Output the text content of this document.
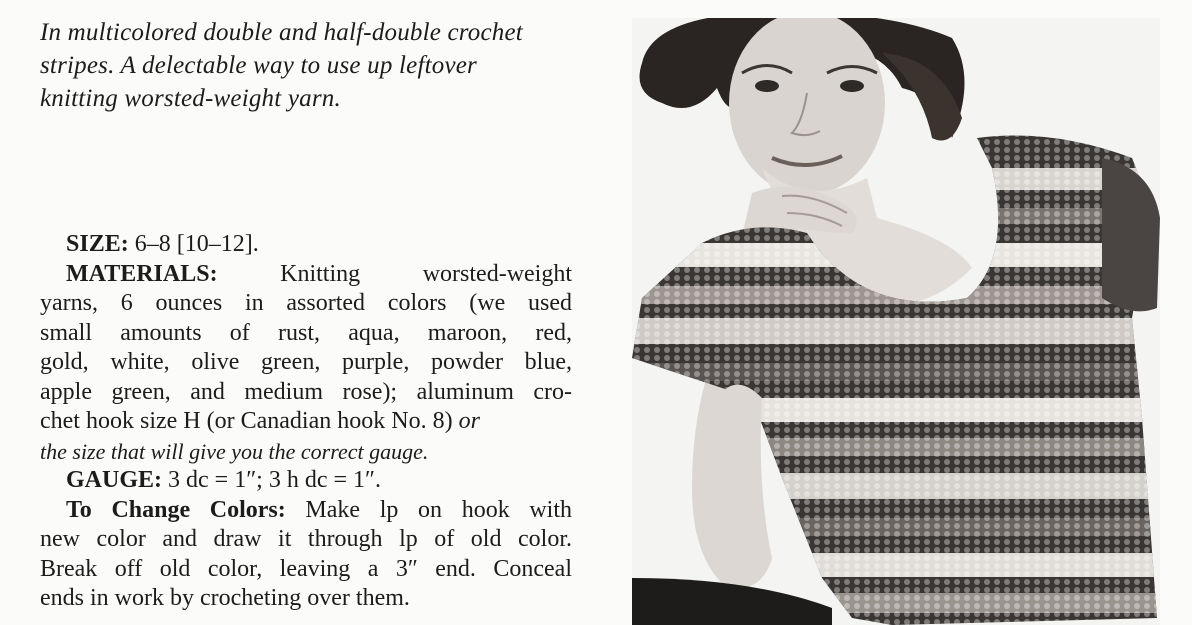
In multicolored double and half-double crochet
stripes. A delectable way to use up leftover
knitting worsted-weight yarn.
SIZE: 6–8 [10–12].
MATERIALS:	Knitting	worsted-weight
yarns, 6 ounces in assorted colors (we used
small amounts of rust, aqua, maroon, red,
gold, white, olive green, purple, powder blue,
apple green, and medium rose); aluminum cro-
chet hook size H (or Canadian hook No. 8) or
the size that will give you the correct gauge.
GAUGE: 3 dc = 1″; 3 h dc = 1″.
To Change Colors: Make lp on hook with
new color and draw it through lp of old color.
Break off old color, leaving a 3″ end. Conceal
ends in work by crocheting over them.
